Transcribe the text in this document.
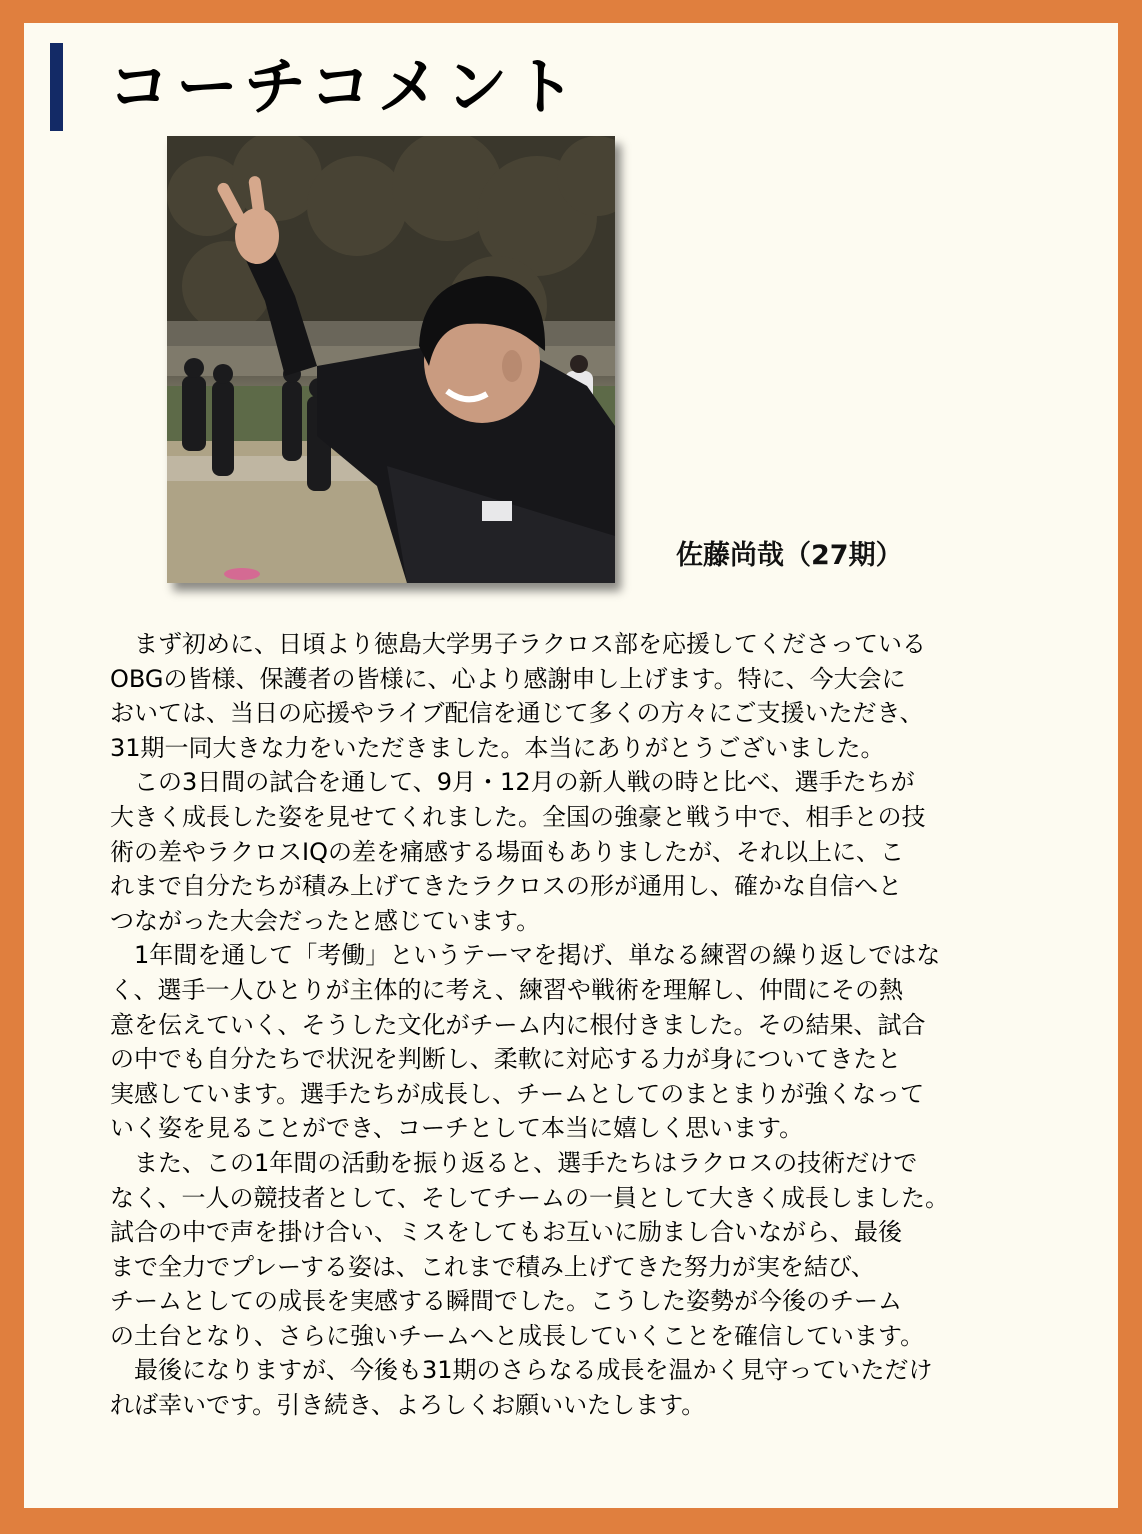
コーチコメント
佐藤尚哉（27期）

　まず初めに、日頃より徳島大学男子ラクロス部を応援してくださっている

OBGの皆様、保護者の皆様に、心より感謝申し上げます。特に、今大会に

おいては、当日の応援やライブ配信を通じて多くの方々にご支援いただき、

31期一同大きな力をいただきました。本当にありがとうございました。

　この3日間の試合を通して、9月・12月の新人戦の時と比べ、選手たちが

大きく成長した姿を見せてくれました。全国の強豪と戦う中で、相手との技

術の差やラクロスIQの差を痛感する場面もありましたが、それ以上に、こ

れまで自分たちが積み上げてきたラクロスの形が通用し、確かな自信へと

つながった大会だったと感じています。

　1年間を通して「考働」というテーマを掲げ、単なる練習の繰り返しではな

く、選手一人ひとりが主体的に考え、練習や戦術を理解し、仲間にその熱

意を伝えていく、そうした文化がチーム内に根付きました。その結果、試合

の中でも自分たちで状況を判断し、柔軟に対応する力が身についてきたと

実感しています。選手たちが成長し、チームとしてのまとまりが強くなって

いく姿を見ることができ、コーチとして本当に嬉しく思います。

　また、この1年間の活動を振り返ると、選手たちはラクロスの技術だけで

なく、一人の競技者として、そしてチームの一員として大きく成長しました。

試合の中で声を掛け合い、ミスをしてもお互いに励まし合いながら、最後

まで全力でプレーする姿は、これまで積み上げてきた努力が実を結び、

チームとしての成長を実感する瞬間でした。こうした姿勢が今後のチーム

の土台となり、さらに強いチームへと成長していくことを確信しています。

　最後になりますが、今後も31期のさらなる成長を温かく見守っていただけ

れば幸いです。引き続き、よろしくお願いいたします。
